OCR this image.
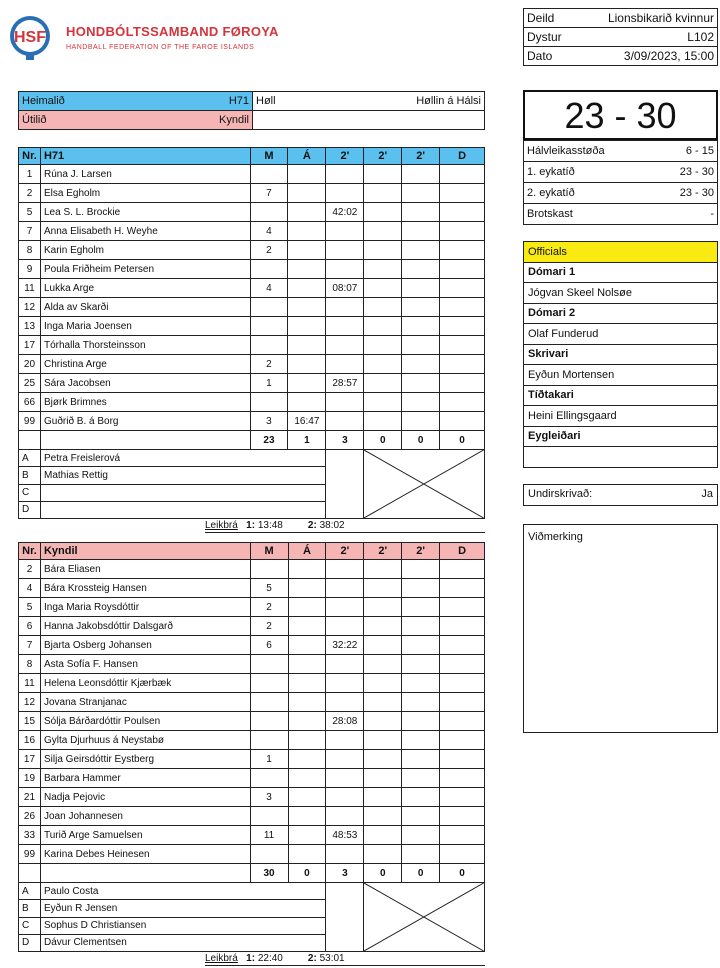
HSF HONDBÓLTSSAMBAND FØROYA
HANDBALL FEDERATION OF THE FAROE ISLANDS
Deild	Lionsbikarið kvinnur

Dystur	L102

Dato	3/09/2023, 15:00
Heimalið H71	Høll Høllin á Hálsi

Útilið Kyndil	

Nr.	H71	M	Á	2'	2'	2'	D
1	Rúna J. Larsen						
2	Elsa Egholm	7					
5	Lea S. L. Brockie			42:02			
7	Anna Elisabeth H. Weyhe	4					
8	Karin Egholm	2					
9	Poula Friðheim Petersen						
11	Lukka Arge	4		08:07			
12	Alda av Skarði						
13	Inga Maria Joensen						
17	Tórhalla Thorsteinsson						
20	Christina Arge	2					
25	Sára Jacobsen	1		28:57			
66	Bjørk Brimnes						
99	Guðrið B. á Borg	3	16:47				
		23	1	3	0	0	0
A	Petra Freislerová		

B	Mathias Rettig						
C							
D							
Leikbrá 1: 13:48	2: 38:02
Nr.	Kyndil	M	Á	2'	2'	2'	D
2	Bára Eliasen						
4	Bára Krossteig Hansen	5					
5	Inga Maria Roysdóttir	2					
6	Hanna Jakobsdóttir Dalsgarð	2					
7	Bjarta Osberg Johansen	6		32:22			
8	Asta Sofía F. Hansen						
11	Helena Leonsdóttir Kjærbæk						
12	Jovana Stranjanac						
15	Sólja Bárðardóttir Poulsen			28:08			
16	Gylta Djurhuus á Neystabø						
17	Silja Geirsdóttir Eystberg	1					
19	Barbara Hammer						
21	Nadja Pejovic	3					
26	Joan Johannesen						
33	Turið Arge Samuelsen	11		48:53			
99	Karina Debes Heinesen						
		30	0	3	0	0	0
A	Paulo Costa		

B	Eyðun R Jensen						
C	Sophus D Christiansen						
D	Dávur Clementsen						
Leikbrá 1: 22:40	2: 53:01
23 - 30
Hálvleikasstøða	6 - 15

1. eykatíð	23 - 30

2. eykatíð	23 - 30

Brotskast	-
Officials
Dómari 1
Jógvan Skeel Nolsøe
Dómari 2
Olaf Funderud
Skrivari
Eyðun Mortensen
Tíðtakari
Heini Ellingsgaard
Eygleiðari

Undirskrivað:	Ja
Viðmerking
